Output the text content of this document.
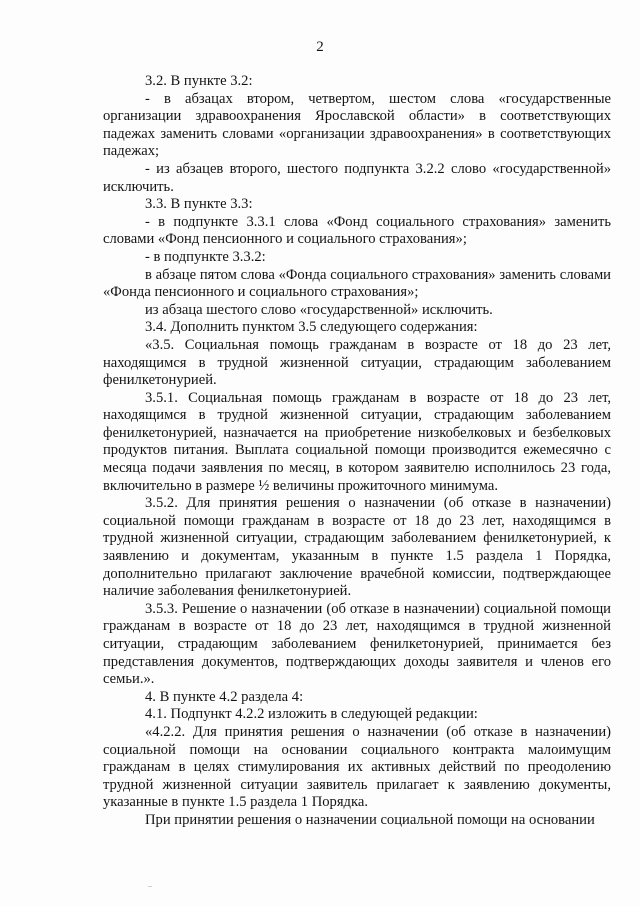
2

3.2. В пункте 3.2:

- в абзацах втором, четвертом, шестом слова «государственные организации здравоохранения Ярославской области» в соответствующих падежах заменить словами «организации здравоохранения» в соответствующих падежах;

- из абзацев второго, шестого подпункта 3.2.2 слово «государственной» исключить.

3.3. В пункте 3.3:

- в подпункте 3.3.1 слова «Фонд социального страхования» заменить словами «Фонд пенсионного и социального страхования»;

- в подпункте 3.3.2:

в абзаце пятом слова «Фонда социального страхования» заменить словами «Фонда пенсионного и социального страхования»;

из абзаца шестого слово «государственной» исключить.

3.4. Дополнить пунктом 3.5 следующего содержания:

«3.5. Социальная помощь гражданам в возрасте от 18 до 23 лет, находящимся в трудной жизненной ситуации, страдающим заболеванием фенилкетонурией.

3.5.1. Социальная помощь гражданам в возрасте от 18 до 23 лет, находящимся в трудной жизненной ситуации, страдающим заболеванием фенилкетонурией, назначается на приобретение низкобелковых и безбелковых продуктов питания. Выплата социальной помощи производится ежемесячно с месяца подачи заявления по месяц, в котором заявителю исполнилось 23 года, включительно в размере ½ величины прожиточного минимума.

3.5.2. Для принятия решения о назначении (об отказе в назначении) социальной помощи гражданам в возрасте от 18 до 23 лет, находящимся в трудной жизненной ситуации, страдающим заболеванием фенилкетонурией, к заявлению и документам, указанным в пункте 1.5 раздела 1 Порядка, дополнительно прилагают заключение врачебной комиссии, подтверждающее наличие заболевания фенилкетонурией.

3.5.3. Решение о назначении (об отказе в назначении) социальной помощи гражданам в возрасте от 18 до 23 лет, находящимся в трудной жизненной ситуации, страдающим заболеванием фенилкетонурией, принимается без представления документов, подтверждающих доходы заявителя и членов его семьи.».

4. В пункте 4.2 раздела 4:

4.1. Подпункт 4.2.2 изложить в следующей редакции:

«4.2.2. Для принятия решения о назначении (об отказе в назначении) социальной помощи на основании социального контракта малоимущим гражданам в целях стимулирования их активных действий по преодолению трудной жизненной ситуации заявитель прилагает к заявлению документы, указанные в пункте 1.5 раздела 1 Порядка.

При принятии решения о назначении социальной помощи на основании
